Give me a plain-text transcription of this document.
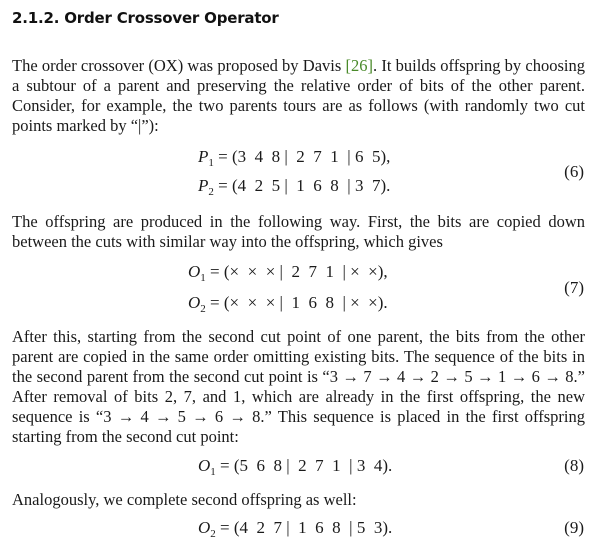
2.1.2. Order Crossover Operator
The order crossover (OX) was proposed by Davis [26]. It builds offspring by choosing a subtour of a parent and preserving the relative order of bits of the other parent. Consider, for example, the two parents tours are as follows (with randomly two cut points marked by “|”):
$P_1 = (3$  4  8 |  2  7  1  | 6  5),
$P_2 = (4$  2  5 |  1  6  8  | 3  7).
(6)
The offspring are produced in the following way. First, the bits are copied down between the cuts with similar way into the offspring, which gives
$O_1$ = (×  ×  × |  2  7  1  | ×  ×),
$O_2$ = (×  ×  × |  1  6  8  | ×  ×).
(7)
After this, starting from the second cut point of one parent, the bits from the other parent are copied in the same order omitting existing bits. The sequence of the bits in the second parent from the second cut point is “3 → 7 → 4 → 2 → 5 → 1 → 6 → 8.” After removal of bits 2, 7, and 1, which are already in the first offspring, the new sequence is “3 → 4 → 5 → 6 → 8.” This sequence is placed in the first offspring starting from the second cut point:
$O_1 = (5$  6  8 |  2  7  1  | 3  4).	(8)
Analogously, we complete second offspring as well:
$O_2 = (4$  2  7 |  1  6  8  | 5  3).	(9)
